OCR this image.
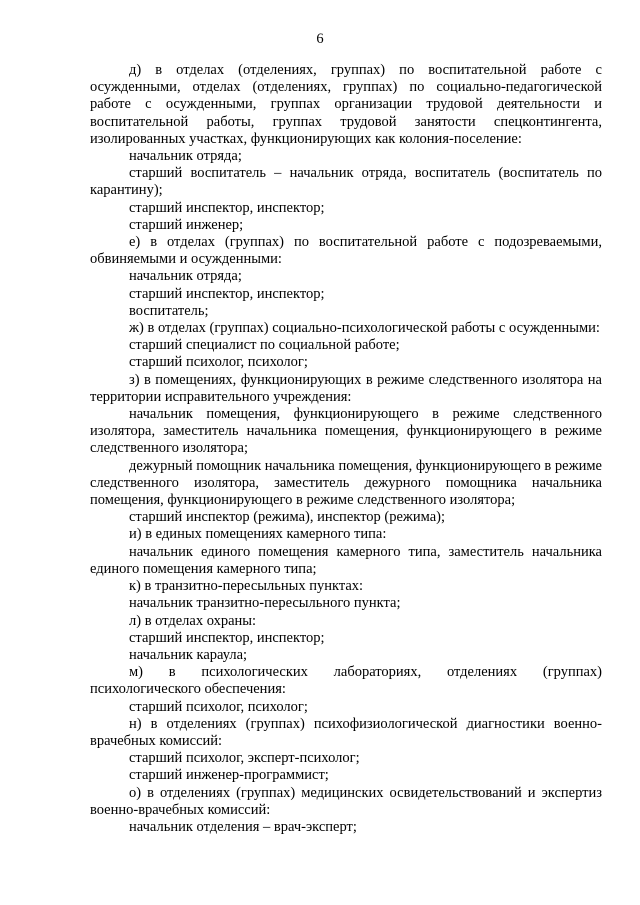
6

д) в отделах (отделениях, группах) по воспитательной работе с осужденными, отделах (отделениях, группах) по социально-педагогической работе с осужденными, группах организации трудовой деятельности и воспитательной работы, группах трудовой занятости спецконтингента, изолированных участках, функционирующих как колония-поселение:

начальник отряда;

старший воспитатель – начальник отряда, воспитатель (воспитатель по карантину);

старший инспектор, инспектор;

старший инженер;

е) в отделах (группах) по воспитательной работе с подозреваемыми, обвиняемыми и осужденными:

начальник отряда;

старший инспектор, инспектор;

воспитатель;

ж) в отделах (группах) социально-психологической работы с осужденными:

старший специалист по социальной работе;

старший психолог, психолог;

з) в помещениях, функционирующих в режиме следственного изолятора на территории исправительного учреждения:

начальник помещения, функционирующего в режиме следственного изолятора, заместитель начальника помещения, функционирующего в режиме следственного изолятора;

дежурный помощник начальника помещения, функционирующего в режиме следственного изолятора, заместитель дежурного помощника начальника помещения, функционирующего в режиме следственного изолятора;

старший инспектор (режима), инспектор (режима);

и) в единых помещениях камерного типа:

начальник единого помещения камерного типа, заместитель начальника единого помещения камерного типа;

к) в транзитно-пересыльных пунктах:

начальник транзитно-пересыльного пункта;

л) в отделах охраны:

старший инспектор, инспектор;

начальник караула;

м) в психологических лабораториях, отделениях (группах) психологического обеспечения:

старший психолог, психолог;

н) в отделениях (группах) психофизиологической диагностики военно-врачебных комиссий:

старший психолог, эксперт-психолог;

старший инженер-программист;

о) в отделениях (группах) медицинских освидетельствований и экспертиз военно-врачебных комиссий:

начальник отделения – врач-эксперт;
